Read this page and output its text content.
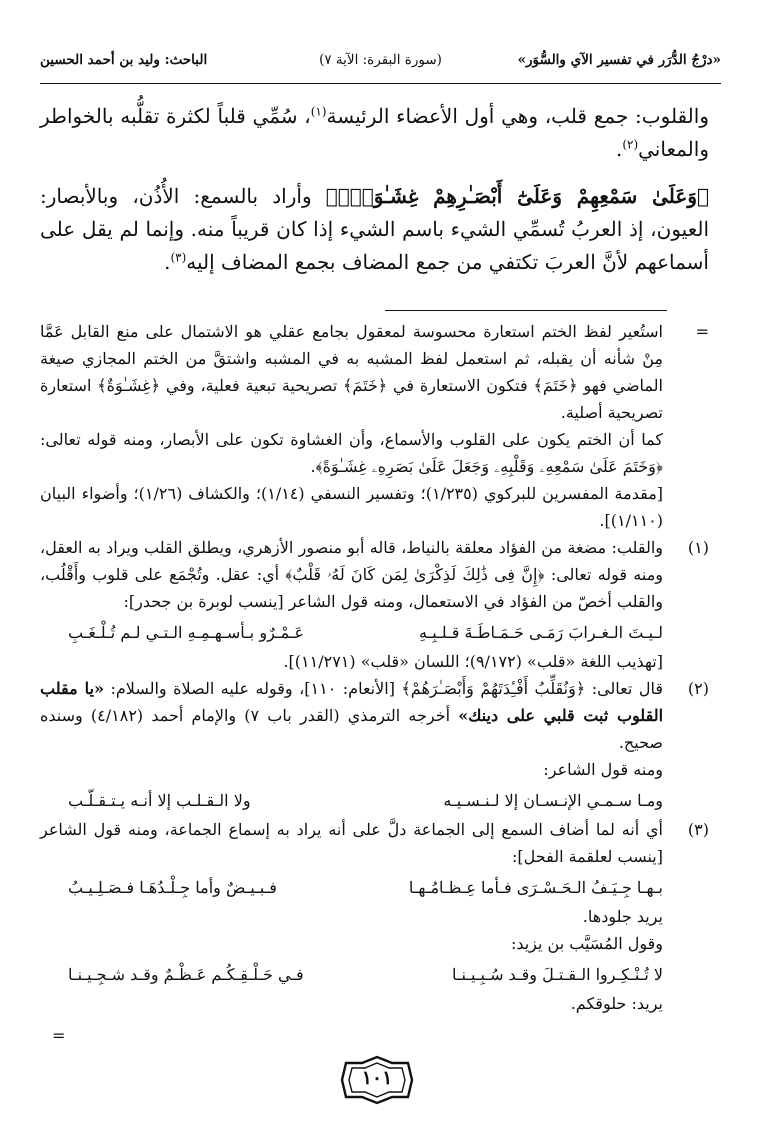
«درْجُ الدُّرَر في تفسير الآي والسُّوَر»
(سورة البقرة: الآية ٧)
الباحث: وليد بن أحمد الحسين

والقلوب: جمع قلب، وهي أول الأعضاء الرئيسة$^{(١)}$، سُمِّي قلباً لكثرة تقلُّبه بالخواطر والمعاني$^{(٢)}$.

﴿وَعَلَىٰ سَمْعِهِمْ وَعَلَىٰٓ أَبْصَـٰرِهِمْ غِشَـٰوَةٌۭ﴾ وأراد بالسمع: الأُذُن، وبالأبصار: العيون، إذ العربُ تُسمِّي الشيء باسم الشيء إذا كان قريباً منه. وإنما لم يقل على أسماعهم لأنَّ العربَ تكتفي من جمع المضاف بجمع المضاف إليه$^{(٣)}$.

=

استُعير لفظ الختم استعارة محسوسة لمعقول بجامع عقلي هو الاشتمال على منع القابل عَمَّا مِنْ شأنه أن يقبله، ثم استعمل لفظ المشبه به في المشبه واشتقَّ من الختم المجازي صيغة الماضي فهو ﴿خَتَمَ﴾ فتكون الاستعارة في ﴿خَتَمَ﴾ تصريحية تبعية فعلية، وفي ﴿غِشَـٰوَةٌ﴾ استعارة تصريحية أصلية.

كما أن الختم يكون على القلوب والأسماع، وأن الغشاوة تكون على الأبصار، ومنه قوله تعالى: ﴿وَخَتَمَ عَلَىٰ سَمْعِهِۦ وَقَلْبِهِۦ وَجَعَلَ عَلَىٰ بَصَرِهِۦ غِشَـٰوَةً﴾.

[مقدمة المفسرين للبركوي (١/٢٣٥)؛ وتفسير النسفي (١/١٤)؛ والكشاف (١/٢٦)؛ وأضواء البيان (١/١١٠)].

(١)

والقلب: مضغة من الفؤاد معلقة بالنياط، قاله أبو منصور الأزهري، ويطلق القلب ويراد به العقل، ومنه قوله تعالى: ﴿إِنَّ فِى ذَٰلِكَ لَذِكْرَىٰ لِمَن كَانَ لَهُۥ قَلْبٌ﴾ أي: عقل. وتُجْمَع على قلوب وأَقْلُب، والقلب أخصّ من الفؤاد في الاستعمال، ومنه قول الشاعر [ينسب لوبرة بن جحدر]:

لـيـتَ الـغـرابَ رَمَـى حَـمَـاطَـةَ قـلـبِـهِ
عَـمْـرٌو بـأسـهـمِـهِ الـتـي لـم تُـلْـغَـبِ

[تهذيب اللغة «قلب» (٩/١٧٢)؛ اللسان «قلب» (١١/٢٧١)].

(٢)

قال تعالى: ﴿وَنُقَلِّبُ أَفْـِٔدَتَهُمْ وَأَبْصَـٰرَهُمْ﴾ [الأنعام: ١١٠]، وقوله عليه الصلاة والسلام: «يا مقلب القلوب ثبت قلبي على دينك» أخرجه الترمذي (القدر باب ٧) والإمام أحمد (٤/١٨٢) وسنده صحيح.

ومنه قول الشاعر:

ومـا سـمـي الإنـسـان إلا لـنـسـيـه
ولا الـقـلـب إلا أنـه يـتـقـلّـب
(٣)

أي أنه لما أضاف السمع إلى الجماعة دلَّ على أنه يراد به إسماع الجماعة، ومنه قول الشاعر [ينسب لعلقمة الفحل]:

بـهـا جِـيَـفُ الـحَـسْـرَى فـأما عِـظـامُـهـا
فـبـيـضٌ وأما جِـلْـدُهَـا فـصَـلِـيـبُ

يريد جلودها.

وقول المُسَيَّب بن يزيد:

لا تُـنْـكِـروا الـقـتـلَ وقـد سُـبِـيـنـا
فـي حَـلْـقِـكُـم عَـظْـمٌ وقـد شـجِـيـنـا

يريد: حلوقكم.

=
١٠١
